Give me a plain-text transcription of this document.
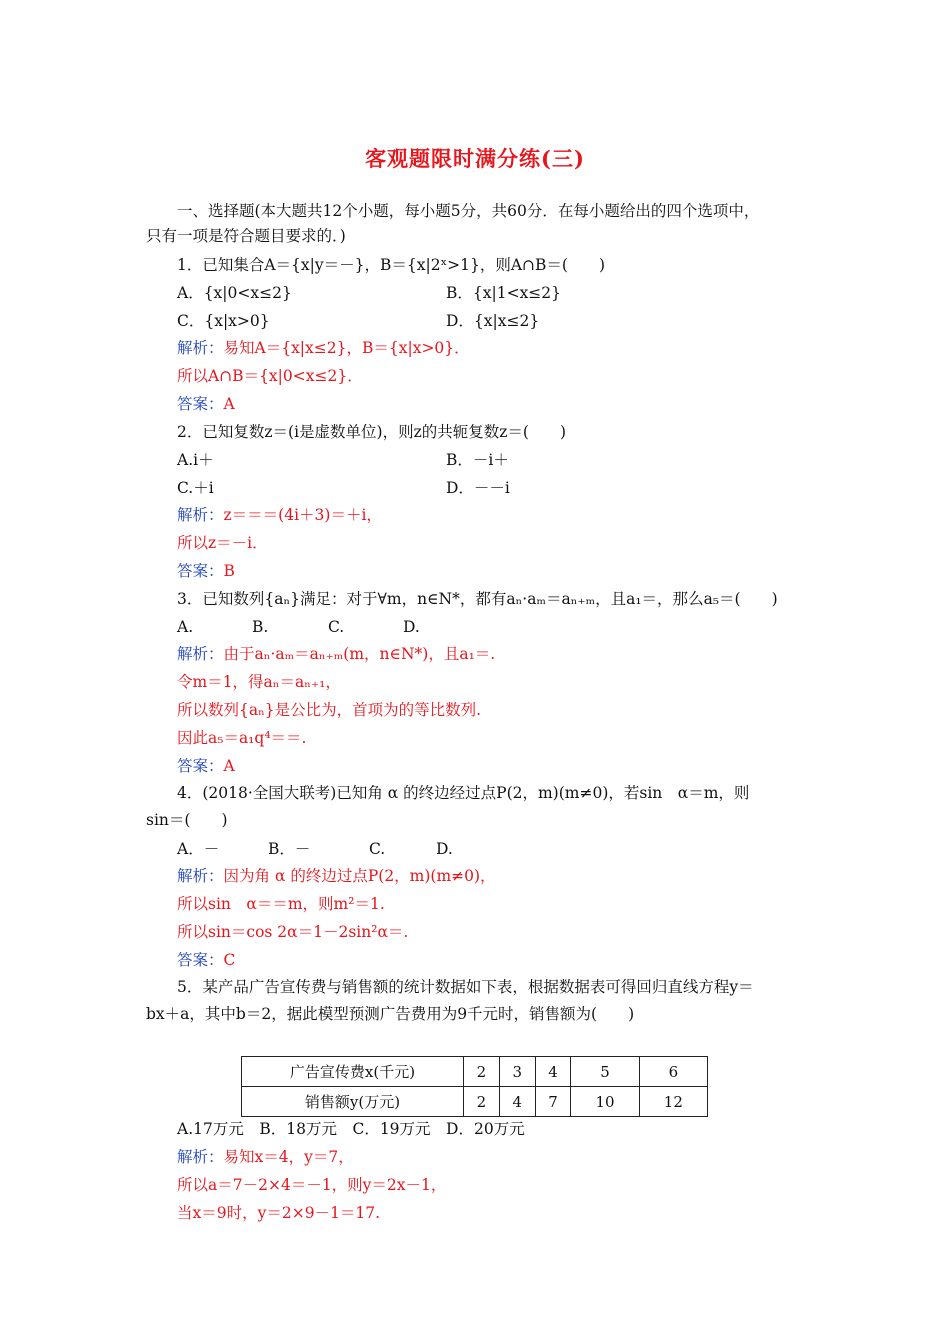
客观题限时满分练(三)
一、选择题(本大题共12个小题，每小题5分，共60分．在每小题给出的四个选项中，
只有一项是符合题目要求的．)
1．已知集合A＝{x|y＝－}，B＝{x|2ˣ>1}，则A∩B＝(　　)
A．{x|0<x≤2}	B．{x|1<x≤2}
C．{x|x>0}	D．{x|x≤2}
解析：易知A＝{x|x≤2}，B＝{x|x>0}．
所以A∩B＝{x|0<x≤2}．
答案：A
2．已知复数z＝(i是虚数单位)，则z的共轭复数z＝(　　)
A.i＋	B．－i＋
C.＋i	D．－－i
解析：z＝＝＝(4i＋3)＝＋i，
所以z＝－i．
答案：B
3．已知数列{aₙ}满足：对于∀m，n∈N*，都有aₙ·aₘ＝aₙ₊ₘ，且a₁＝，那么a₅＝(　　)
A.	B.	C.	D.
解析：由于aₙ·aₘ＝aₙ₊ₘ(m，n∈N*)，且a₁＝.
令m＝1，得aₙ＝aₙ₊₁，
所以数列{aₙ}是公比为，首项为的等比数列.
因此a₅＝a₁q⁴＝＝.
答案：A
4．(2018·全国大联考)已知角 α 的终边经过点P(2，m)(m≠0)，若sin　α＝m，则
sin＝(　　)
A．－	B．－	C.	D.
解析：因为角 α 的终边过点P(2，m)(m≠0)，
所以sin　α＝＝m，则m²＝1.
所以sin＝cos 2α＝1－2sin²α＝.
答案：C
5．某产品广告宣传费与销售额的统计数据如下表，根据数据表可得回归直线方程y＝
bx＋a，其中b＝2，据此模型预测广告费用为9千元时，销售额为(　　)
广告宣传费x(千元)	2	3	4	5	6
销售额y(万元)	2	4	7	10	12
A.17万元　B．18万元　C．19万元　D．20万元
解析：易知x＝4，y＝7，
所以a＝7－2×4＝－1，则y＝2x－1，
当x＝9时，y＝2×9－1＝17.
